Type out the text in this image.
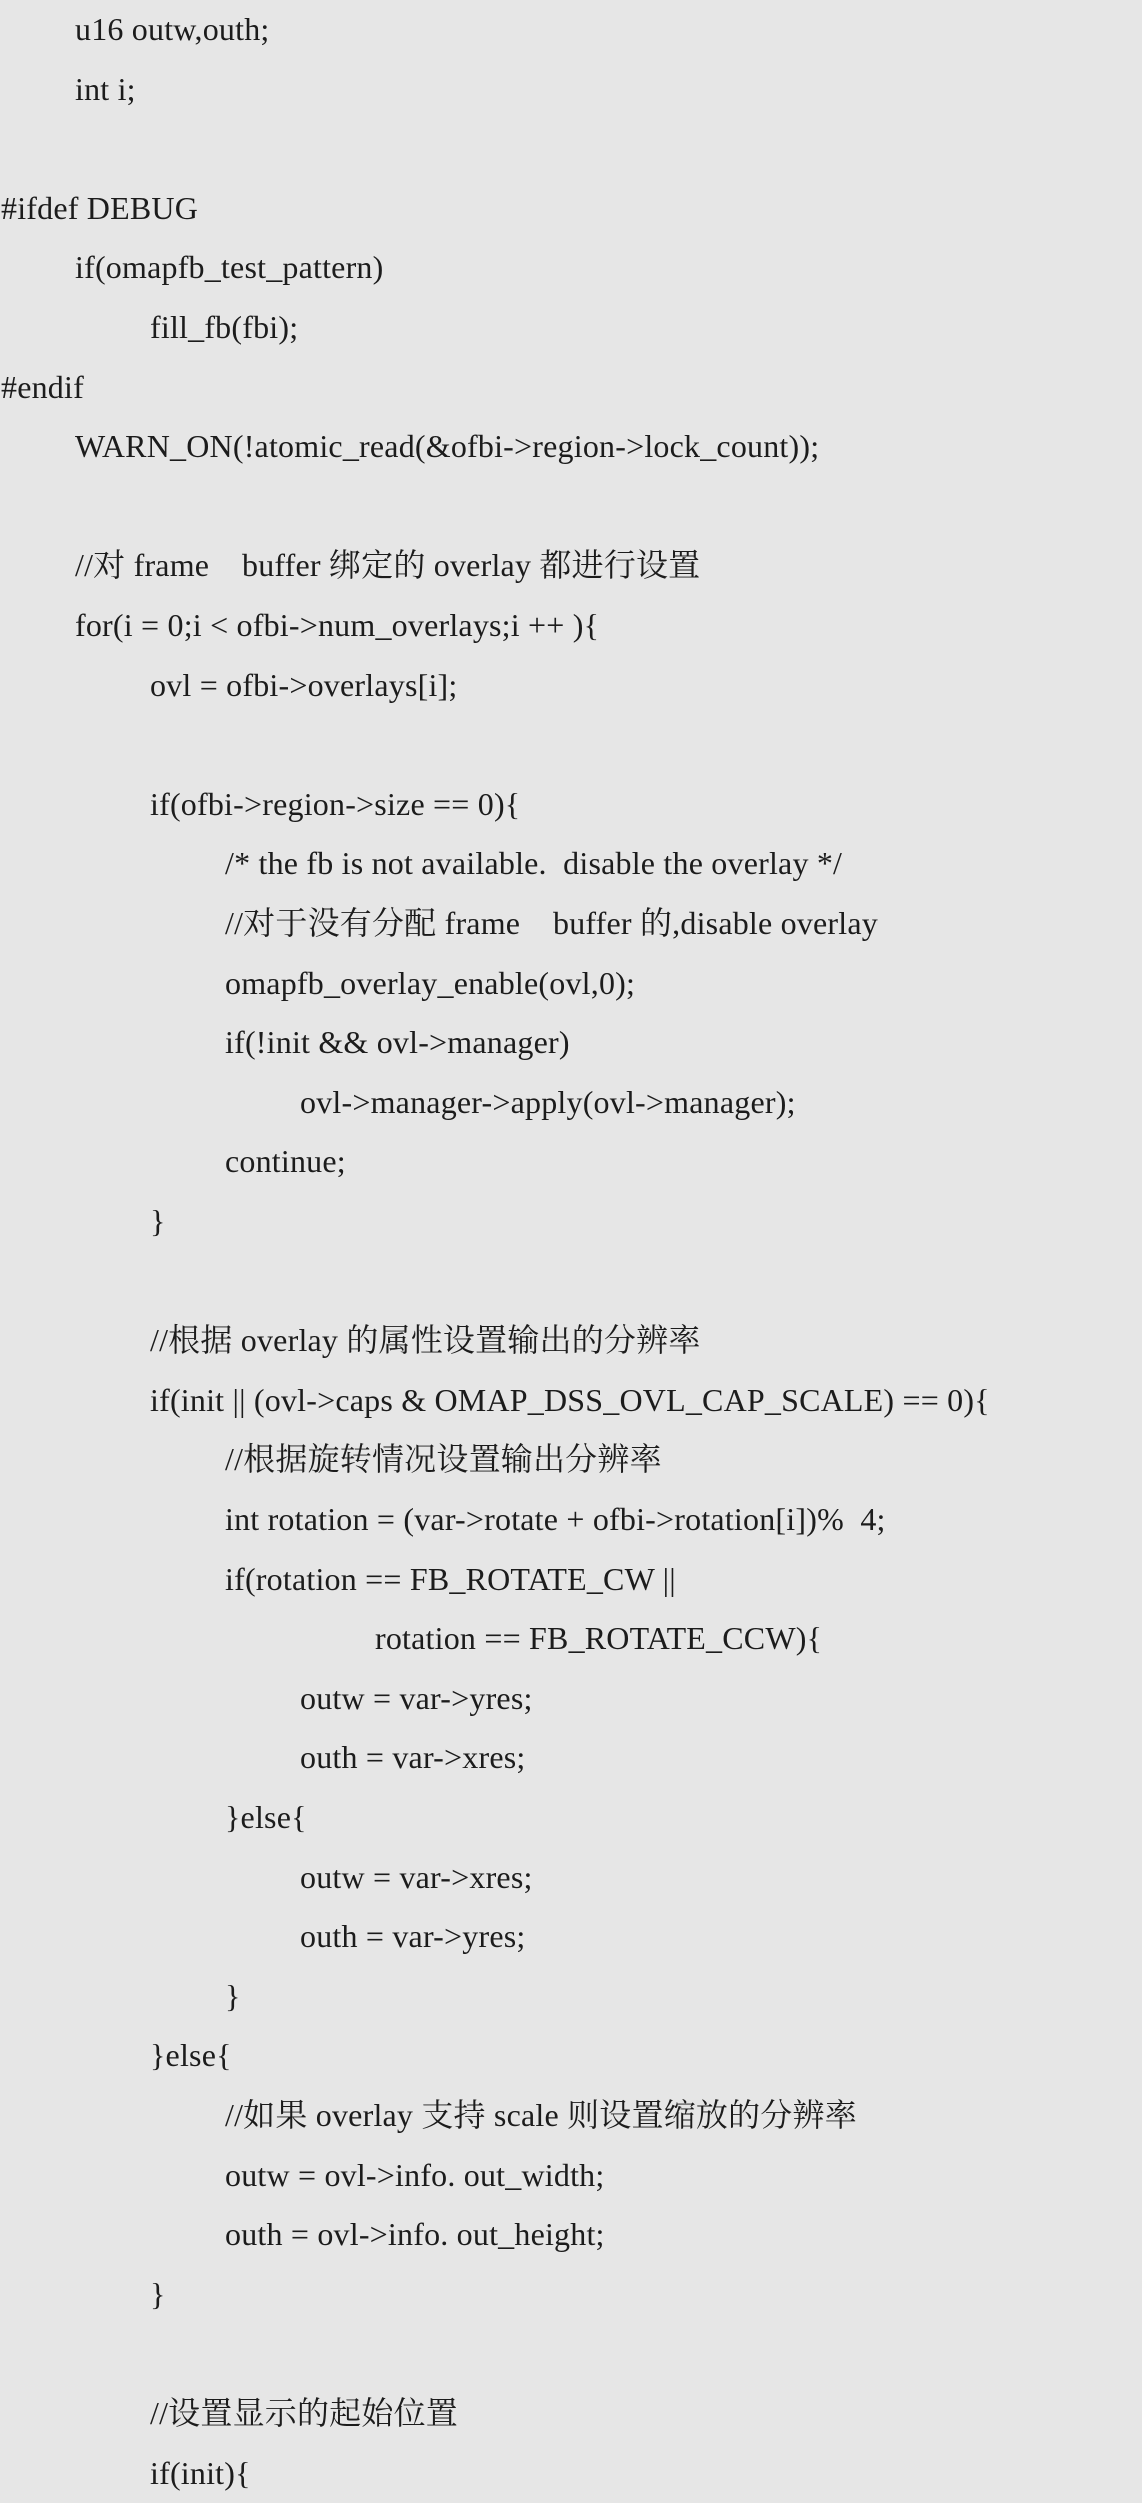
u16 outw,outh;
int i;
#ifdef DEBUG
if(omapfb_test_pattern)
fill_fb(fbi);
#endif
WARN_ON(!atomic_read(&ofbi->region->lock_count));
//对 frame    buffer 绑定的 overlay 都进行设置
for(i = 0;i < ofbi->num_overlays;i ++ ){
ovl = ofbi->overlays[i];
if(ofbi->region->size == 0){
/* the fb is not available.  disable the overlay */
//对于没有分配 frame    buffer 的,disable overlay
omapfb_overlay_enable(ovl,0);
if(!init && ovl->manager)
ovl->manager->apply(ovl->manager);
continue;
}
//根据 overlay 的属性设置输出的分辨率
if(init || (ovl->caps & OMAP_DSS_OVL_CAP_SCALE) == 0){
//根据旋转情况设置输出分辨率
int rotation = (var->rotate + ofbi->rotation[i])%  4;
if(rotation == FB_ROTATE_CW ||
rotation == FB_ROTATE_CCW){
outw = var->yres;
outh = var->xres;
}else{
outw = var->xres;
outh = var->yres;
}
}else{
//如果 overlay 支持 scale 则设置缩放的分辨率
outw = ovl->info. out_width;
outh = ovl->info. out_height;
}
//设置显示的起始位置
if(init){
